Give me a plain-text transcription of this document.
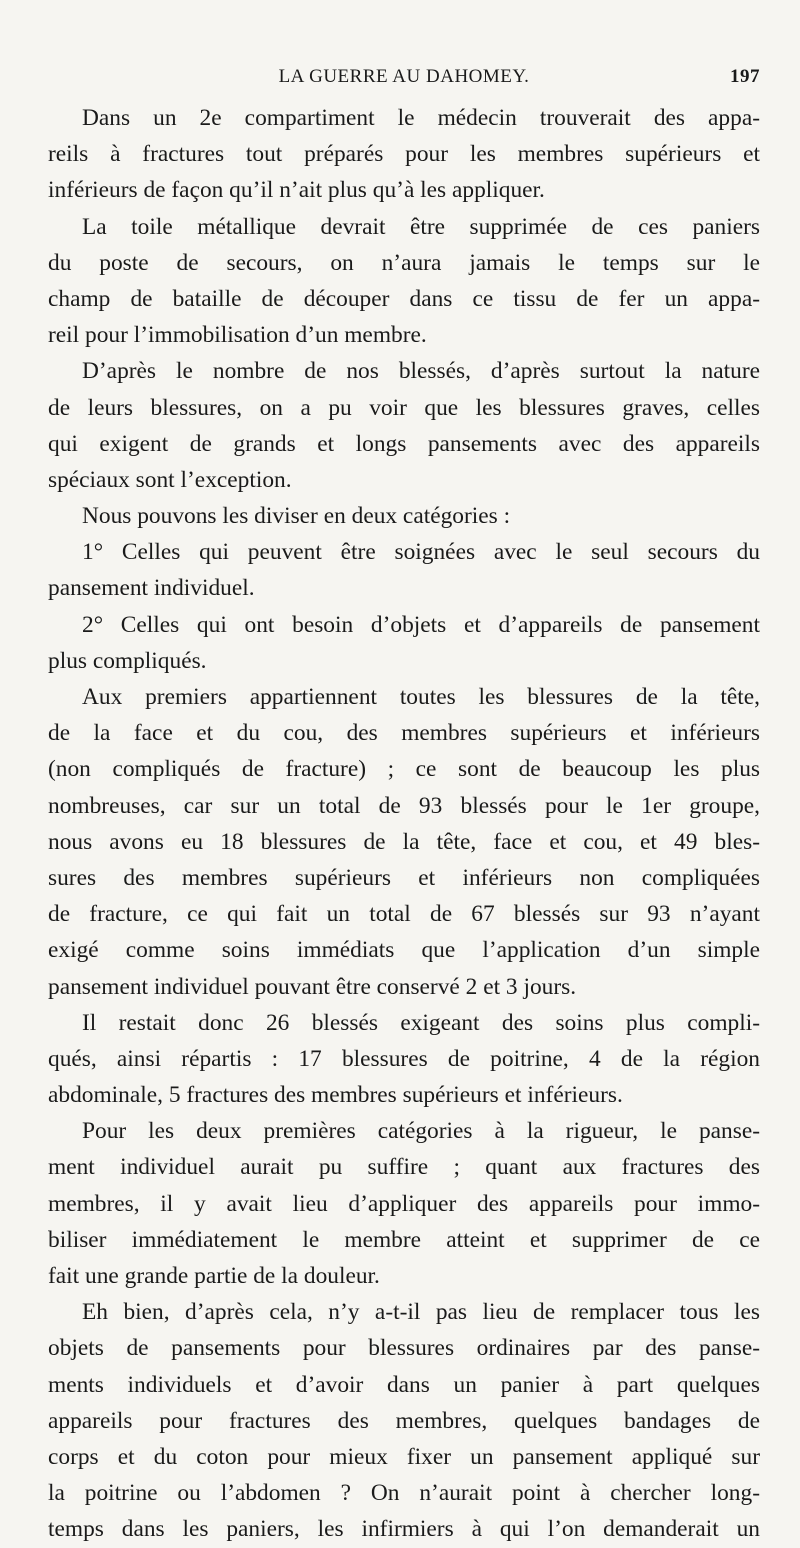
LA GUERRE AU DAHOMEY.	197
Dans un 2e compartiment le médecin trouverait des appa-
reils à fractures tout préparés pour les membres supérieurs et
inférieurs de façon qu’il n’ait plus qu’à les appliquer.
La toile métallique devrait être supprimée de ces paniers
du poste de secours, on n’aura jamais le temps sur le
champ de bataille de découper dans ce tissu de fer un appa-
reil pour l’immobilisation d’un membre.
D’après le nombre de nos blessés, d’après surtout la nature
de leurs blessures, on a pu voir que les blessures graves, celles
qui exigent de grands et longs pansements avec des appareils
spéciaux sont l’exception.
Nous pouvons les diviser en deux catégories :
1° Celles qui peuvent être soignées avec le seul secours du
pansement individuel.
2° Celles qui ont besoin d’objets et d’appareils de pansement
plus compliqués.
Aux premiers appartiennent toutes les blessures de la tête,
de la face et du cou, des membres supérieurs et inférieurs
(non compliqués de fracture) ; ce sont de beaucoup les plus
nombreuses, car sur un total de 93 blessés pour le 1er groupe,
nous avons eu 18 blessures de la tête, face et cou, et 49 bles-
sures des membres supérieurs et inférieurs non compliquées
de fracture, ce qui fait un total de 67 blessés sur 93 n’ayant
exigé comme soins immédiats que l’application d’un simple
pansement individuel pouvant être conservé 2 et 3 jours.
Il restait donc 26 blessés exigeant des soins plus compli-
qués, ainsi répartis : 17 blessures de poitrine, 4 de la région
abdominale, 5 fractures des membres supérieurs et inférieurs.
Pour les deux premières catégories à la rigueur, le panse-
ment individuel aurait pu suffire ; quant aux fractures des
membres, il y avait lieu d’appliquer des appareils pour immo-
biliser immédiatement le membre atteint et supprimer de ce
fait une grande partie de la douleur.
Eh bien, d’après cela, n’y a-t-il pas lieu de remplacer tous les
objets de pansements pour blessures ordinaires par des panse-
ments individuels et d’avoir dans un panier à part quelques
appareils pour fractures des membres, quelques bandages de
corps et du coton pour mieux fixer un pansement appliqué sur
la poitrine ou l’abdomen ? On n’aurait point à chercher long-
temps dans les paniers, les infirmiers à qui l’on demanderait un
